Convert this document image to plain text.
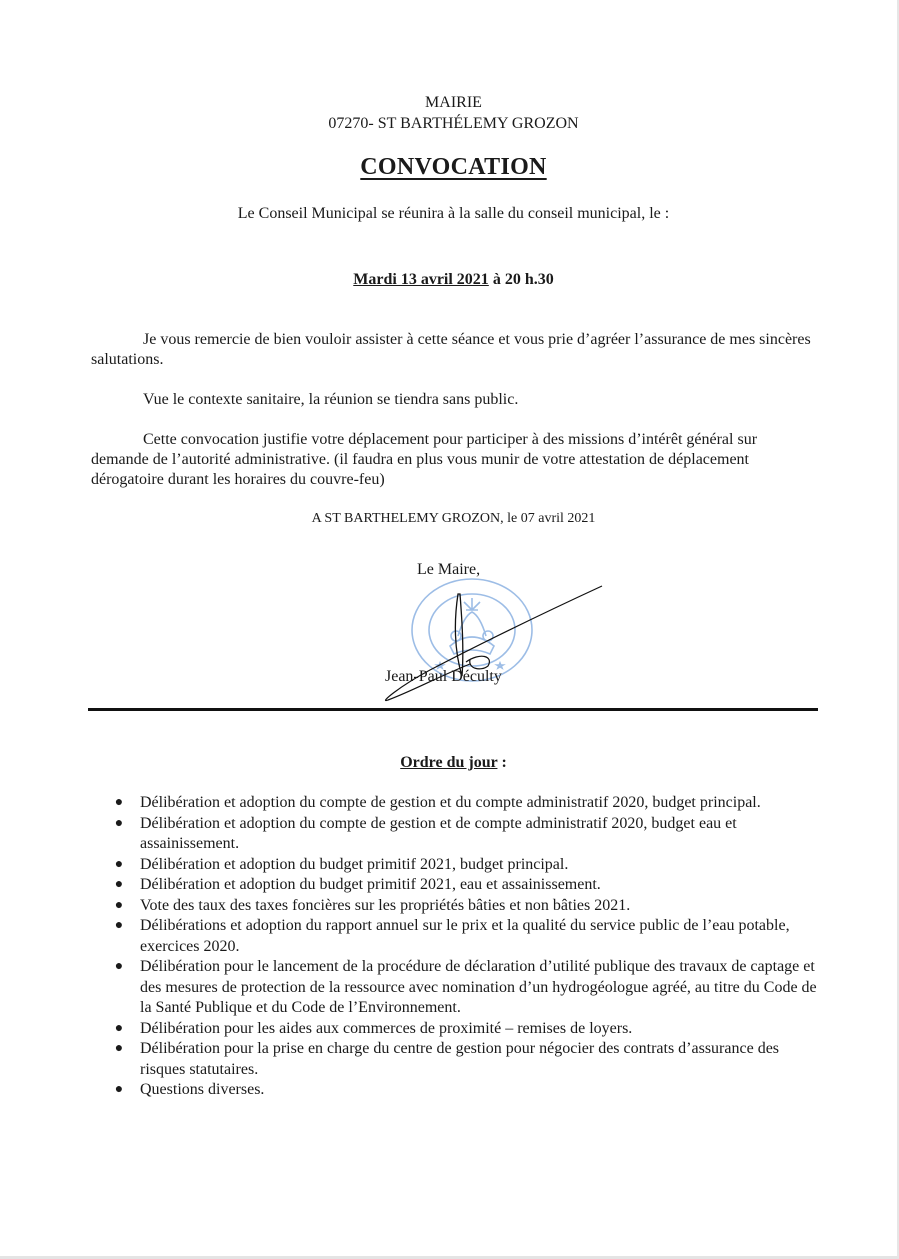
MAIRIE
07270- ST BARTHÉLEMY GROZON
CONVOCATION
Le Conseil Municipal se réunira à la salle du conseil municipal, le :
Mardi 13 avril 2021 à 20 h.30

Je vous remercie de bien vouloir assister à cette séance et vous prie d’agréer l’assurance de mes sincères salutations.

Vue le contexte sanitaire, la réunion se tiendra sans public.

Cette convocation justifie votre déplacement pour participer à des missions d’intérêt général sur demande de l’autorité administrative. (il faudra en plus vous munir de votre attestation de déplacement dérogatoire durant les horaires du couvre-feu)

A ST BARTHELEMY GROZON, le 07 avril 2021
Le Maire,
Jean-Paul Déculty
Ordre du jour :
● Délibération et adoption du compte de gestion et du compte administratif 2020, budget principal.
● Délibération et adoption du compte de gestion et de compte administratif 2020, budget eau et assainissement.
● Délibération et adoption du budget primitif 2021, budget principal.
● Délibération et adoption du budget primitif 2021, eau et assainissement.
● Vote des taux des taxes foncières sur les propriétés bâties et non bâties 2021.
● Délibérations et adoption du rapport annuel sur le prix et la qualité du service public de l’eau potable, exercices 2020.
● Délibération pour le lancement de la procédure de déclaration d’utilité publique des travaux de captage et des mesures de protection de la ressource avec nomination d’un hydrogéologue agréé, au titre du Code de la Santé Publique et du Code de l’Environnement.
● Délibération pour les aides aux commerces de proximité – remises de loyers.
● Délibération pour la prise en charge du centre de gestion pour négocier des contrats d’assurance des risques statutaires.
● Questions diverses.
